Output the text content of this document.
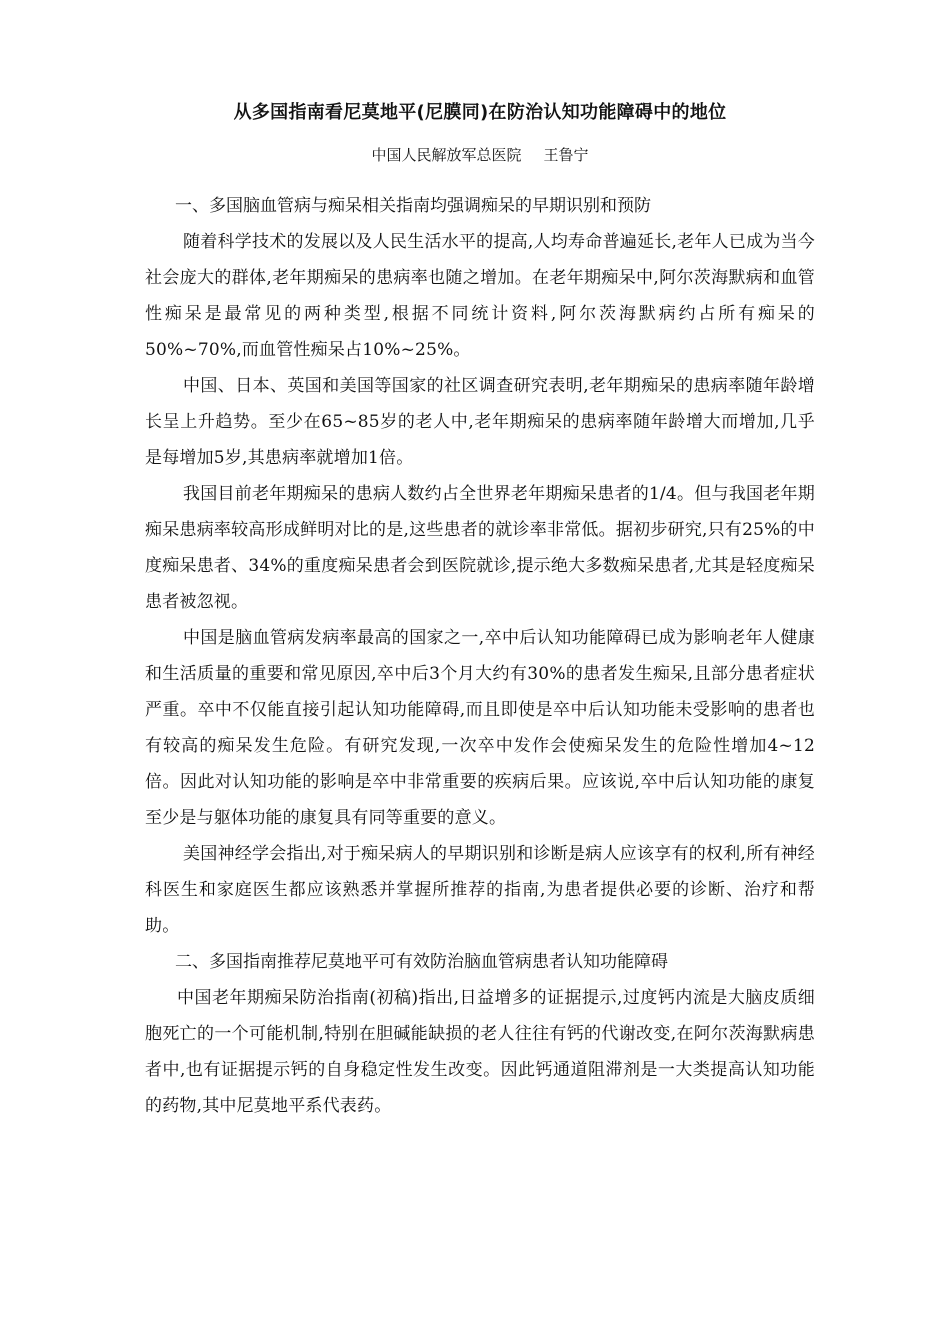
从多国指南看尼莫地平(尼膜同)在防治认知功能障碍中的地位
中国人民解放军总医院 王鲁宁

一、多国脑血管病与痴呆相关指南均强调痴呆的早期识别和预防

随着科学技术的发展以及人民生活水平的提高,人均寿命普遍延长,老年人已成为当今社会庞大的群体,老年期痴呆的患病率也随之增加。在老年期痴呆中,阿尔茨海默病和血管性痴呆是最常见的两种类型,根据不同统计资料,阿尔茨海默病约占所有痴呆的50%~70%,而血管性痴呆占10%~25%。

中国、日本、英国和美国等国家的社区调查研究表明,老年期痴呆的患病率随年龄增长呈上升趋势。至少在65~85岁的老人中,老年期痴呆的患病率随年龄增大而增加,几乎是每增加5岁,其患病率就增加1倍。

我国目前老年期痴呆的患病人数约占全世界老年期痴呆患者的1/4。但与我国老年期痴呆患病率较高形成鲜明对比的是,这些患者的就诊率非常低。据初步研究,只有25%的中度痴呆患者、34%的重度痴呆患者会到医院就诊,提示绝大多数痴呆患者,尤其是轻度痴呆患者被忽视。

中国是脑血管病发病率最高的国家之一,卒中后认知功能障碍已成为影响老年人健康和生活质量的重要和常见原因,卒中后3个月大约有30%的患者发生痴呆,且部分患者症状严重。卒中不仅能直接引起认知功能障碍,而且即使是卒中后认知功能未受影响的患者也有较高的痴呆发生危险。有研究发现,一次卒中发作会使痴呆发生的危险性增加4~12倍。因此对认知功能的影响是卒中非常重要的疾病后果。应该说,卒中后认知功能的康复至少是与躯体功能的康复具有同等重要的意义。

美国神经学会指出,对于痴呆病人的早期识别和诊断是病人应该享有的权利,所有神经科医生和家庭医生都应该熟悉并掌握所推荐的指南,为患者提供必要的诊断、治疗和帮助。

二、多国指南推荐尼莫地平可有效防治脑血管病患者认知功能障碍

中国老年期痴呆防治指南(初稿)指出,日益增多的证据提示,过度钙内流是大脑皮质细胞死亡的一个可能机制,特别在胆碱能缺损的老人往往有钙的代谢改变,在阿尔茨海默病患者中,也有证据提示钙的自身稳定性发生改变。因此钙通道阻滞剂是一大类提高认知功能的药物,其中尼莫地平系代表药。
